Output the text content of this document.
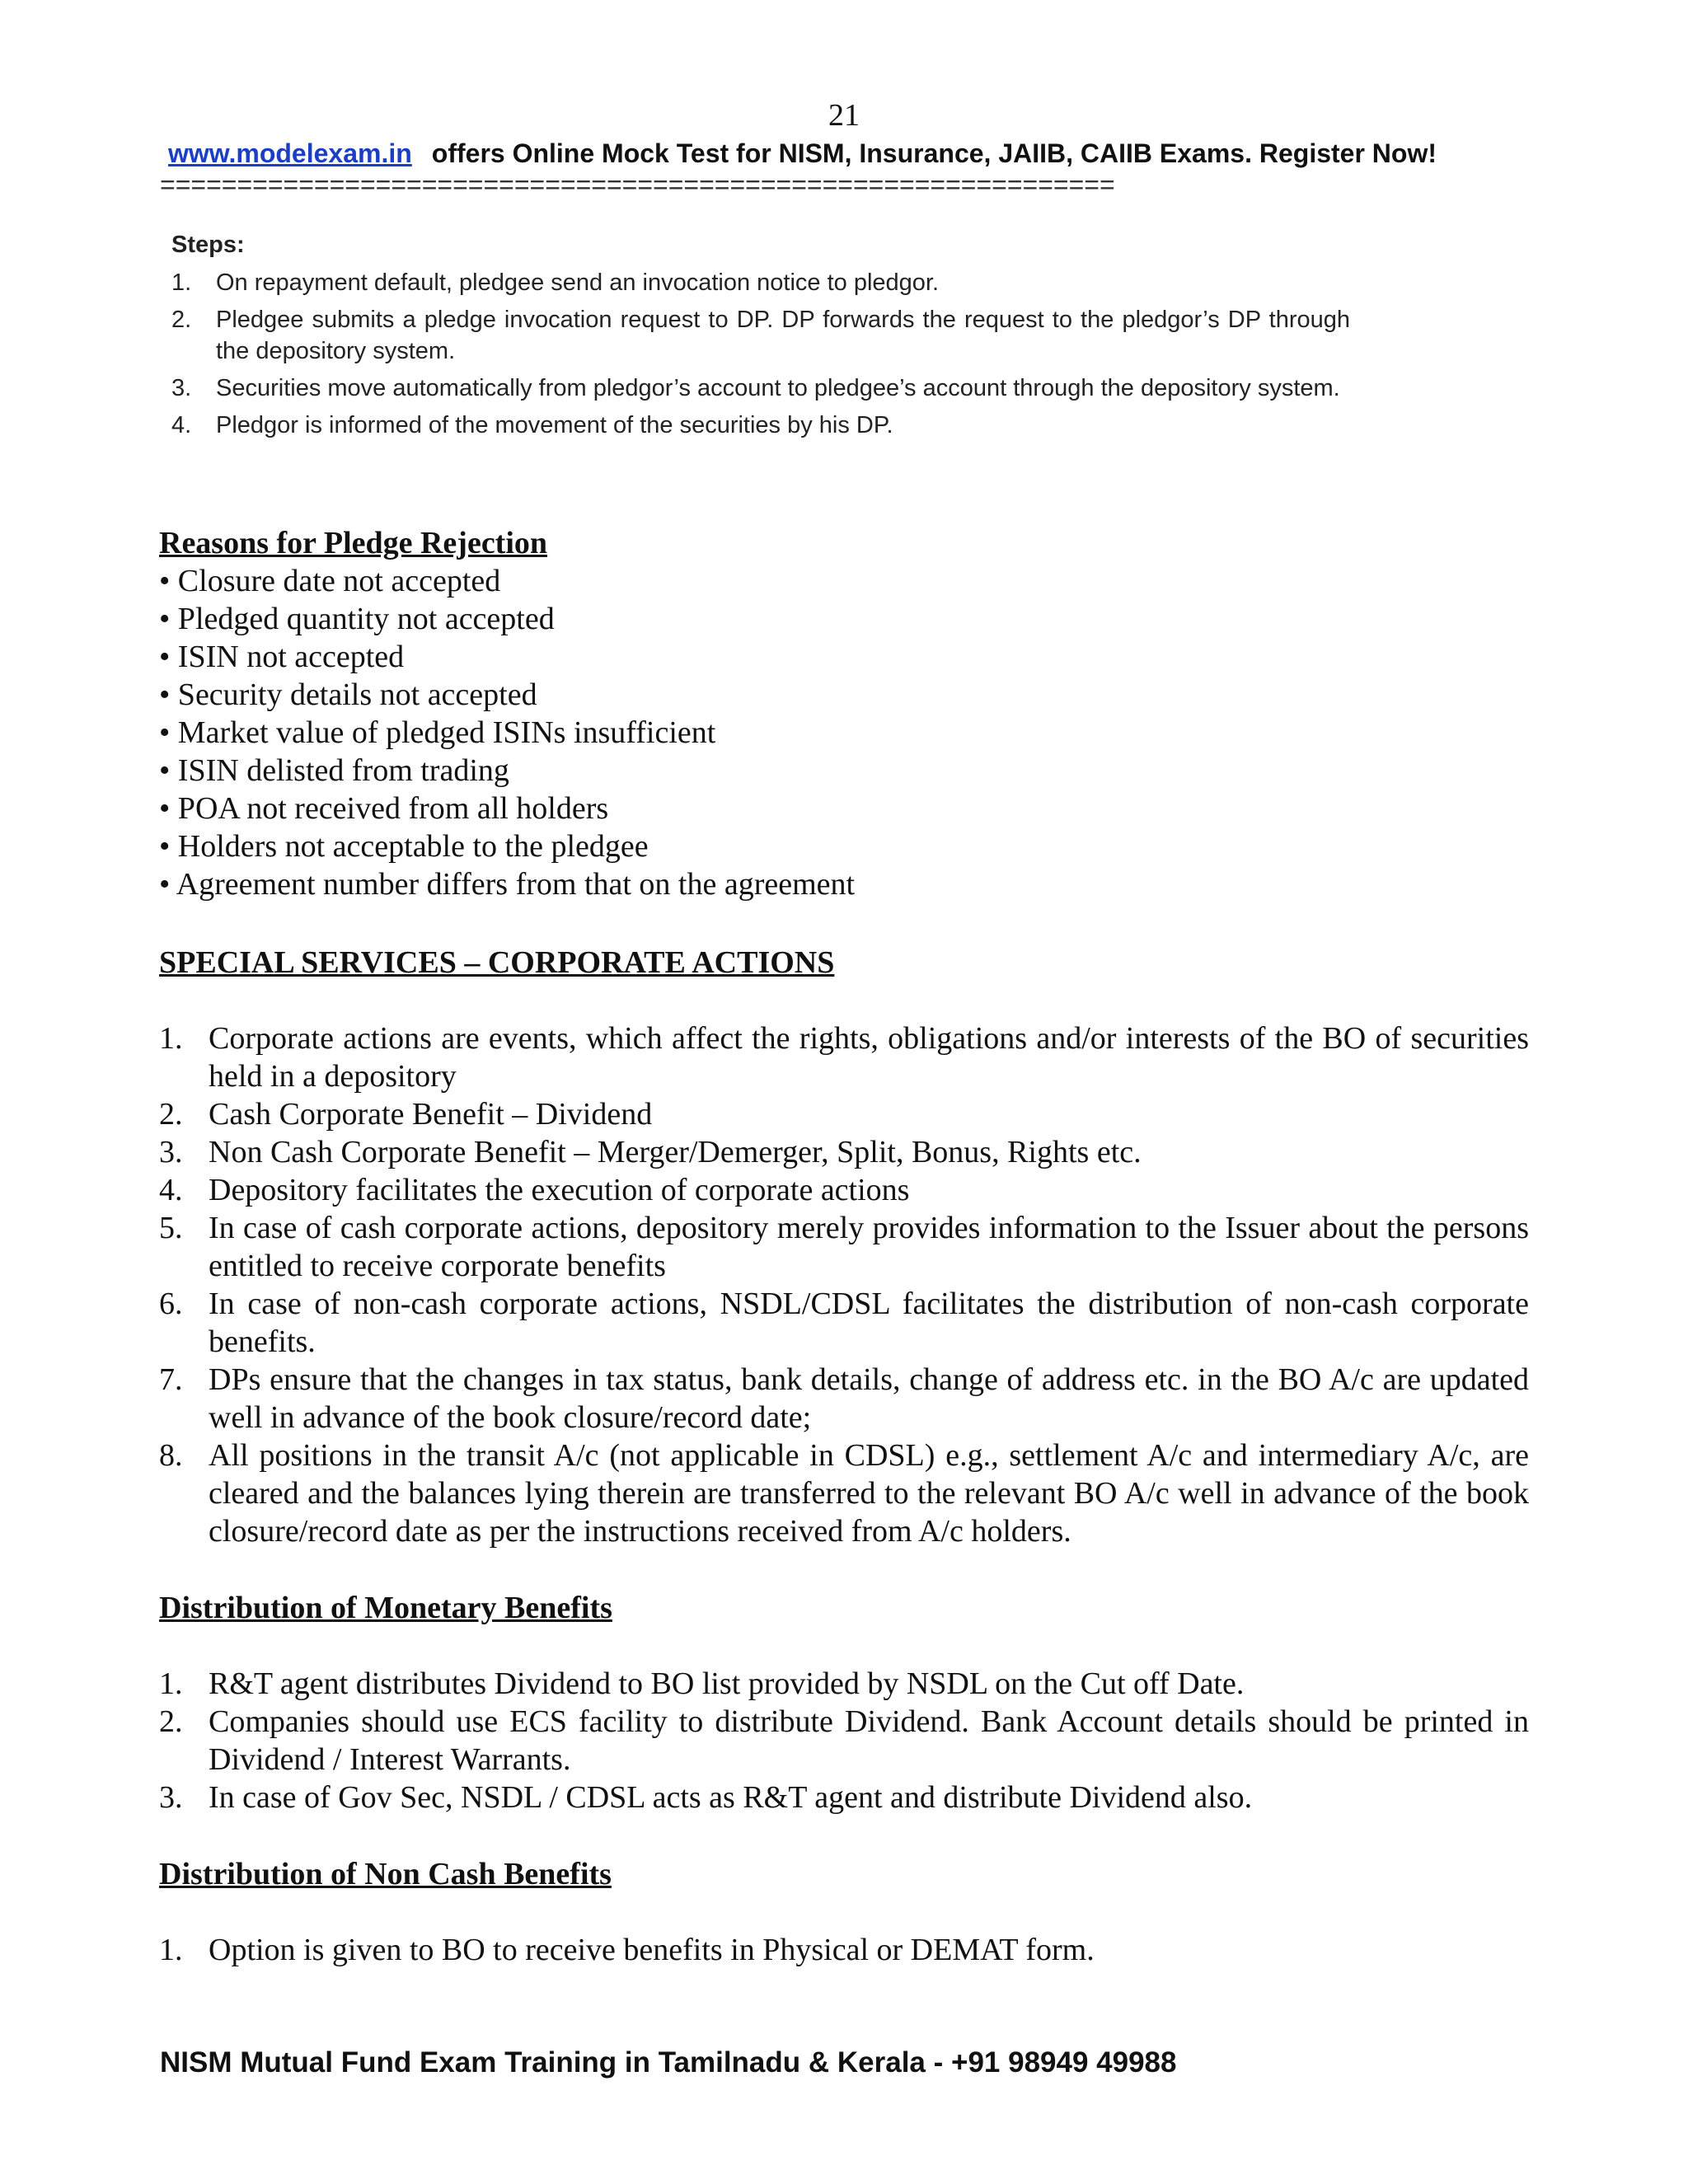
21
www.modelexam.in offers Online Mock Test for NISM, Insurance, JAIIB, CAIIB Exams. Register Now!
==============================================================
Steps:
1.	On repayment default, pledgee send an invocation notice to pledgor.
2.	Pledgee submits a pledge invocation request to DP. DP forwards the request to the pledgor’s DP through the depository system.
3.	Securities move automatically from pledgor’s account to pledgee’s account through the depository system.
4.	Pledgor is informed of the movement of the securities by his DP.
Reasons for Pledge Rejection
• Closure date not accepted
• Pledged quantity not accepted
• ISIN not accepted
• Security details not accepted
• Market value of pledged ISINs insufficient
• ISIN delisted from trading
• POA not received from all holders
• Holders not acceptable to the pledgee
• Agreement number differs from that on the agreement
SPECIAL SERVICES – CORPORATE ACTIONS
1. Corporate actions are events, which affect the rights, obligations and/or interests of the BO of securities held in a depository
2. Cash Corporate Benefit – Dividend
3. Non Cash Corporate Benefit – Merger/Demerger, Split, Bonus, Rights etc.
4. Depository facilitates the execution of corporate actions
5. In case of cash corporate actions, depository merely provides information to the Issuer about the persons entitled to receive corporate benefits
6. In case of non-cash corporate actions, NSDL/CDSL facilitates the distribution of non-cash corporate benefits.
7. DPs ensure that the changes in tax status, bank details, change of address etc. in the BO A/c are updated well in advance of the book closure/record date;
8. All positions in the transit A/c (not applicable in CDSL) e.g., settlement A/c and intermediary A/c, are cleared and the balances lying therein are transferred to the relevant BO A/c well in advance of the book closure/record date as per the instructions received from A/c holders.
Distribution of Monetary Benefits
1. R&T agent distributes Dividend to BO list provided by NSDL on the Cut off Date.
2. Companies should use ECS facility to distribute Dividend. Bank Account details should be printed in Dividend / Interest Warrants.
3. In case of Gov Sec, NSDL / CDSL acts as R&T agent and distribute Dividend also.
Distribution of Non Cash Benefits
1. Option is given to BO to receive benefits in Physical or DEMAT form.
NISM Mutual Fund Exam Training in Tamilnadu & Kerala - +91 98949 49988
